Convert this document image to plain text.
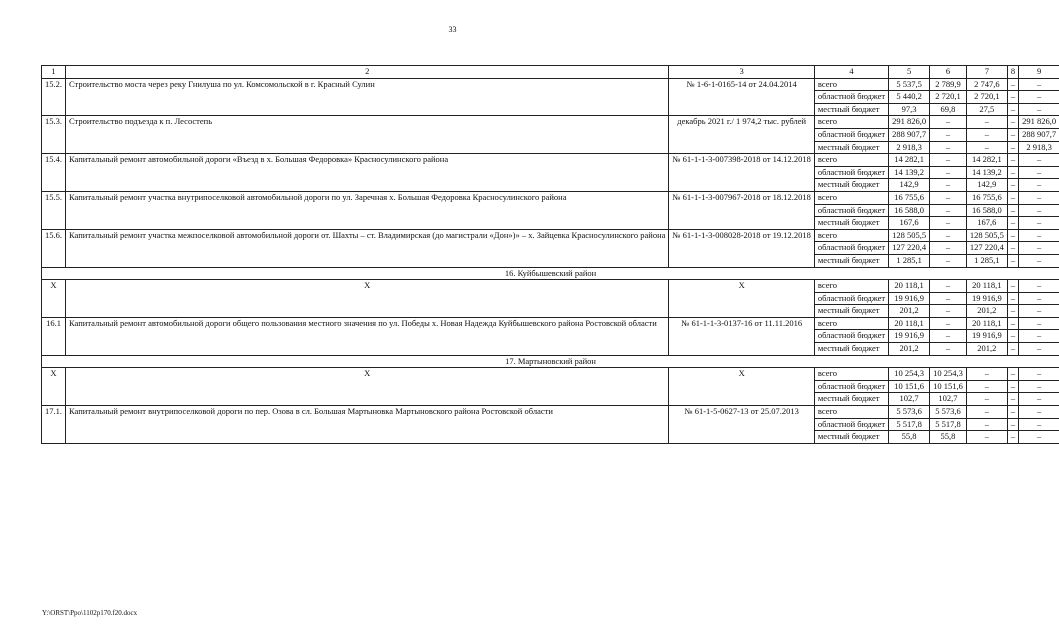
33
1	2	3	4	5	6	7	8	9
15.2.	Строительство моста через реку Гнилуша по ул. Комсомольской в г. Красный Сулин	№ 1-6-1-0165-14 от 24.04.2014	всего	5 537,5	2 789,9	2 747,6	–	–
			областной бюджет	5 440,2	2 720,1	2 720,1	–	–
			местный бюджет	97,3	69,8	27,5	–	–
15.3.	Строительство подъезда к п. Лесостепь	декабрь 2021 г./ 1 974,2 тыс. рублей	всего	291 826,0	–	–	–	291 826,0
			областной бюджет	288 907,7	–	–	–	288 907,7
			местный бюджет	2 918,3	–	–	–	2 918,3
15.4.	Капитальный ремонт автомобильной дороги «Въезд в х. Большая Федоровка» Красносулинского района	№ 61-1-1-3-007398-2018 от 14.12.2018	всего	14 282,1	–	14 282,1	–	–
			областной бюджет	14 139,2	–	14 139,2	–	–
			местный бюджет	142,9	–	142,9	–	–
15.5.	Капитальный ремонт участка внутрипоселковой автомобильной дороги по ул. Заречная х. Большая Федоровка Красносулинского района	№ 61-1-1-3-007967-2018 от 18.12.2018	всего	16 755,6	–	16 755,6	–	–
			областной бюджет	16 588,0	–	16 588,0	–	–
			местный бюджет	167,6	–	167,6	–	–
15.6.	Капитальный ремонт участка межпоселковой автомобильной дороги от. Шахты – ст. Владимирская (до магистрали «Дон»)» – х. Зайцевка Красносулинского района	№ 61-1-1-3-008028-2018 от 19.12.2018	всего	128 505,5	–	128 505,5	–	–
			областной бюджет	127 220,4	–	127 220,4	–	–
			местный бюджет	1 285,1	–	1 285,1	–	–
16. Куйбышевский район								
Х	Х	Х	всего	20 118,1	–	20 118,1	–	–
			областной бюджет	19 916,9	–	19 916,9	–	–
			местный бюджет	201,2	–	201,2	–	–
16.1	Капитальный ремонт автомобильной дороги общего пользования местного значения по ул. Победы х. Новая Надежда Куйбышевского района Ростовской области	№ 61-1-1-3-0137-16 от 11.11.2016	всего	20 118,1	–	20 118,1	–	–
			областной бюджет	19 916,9	–	19 916,9	–	–
			местный бюджет	201,2	–	201,2	–	–
17. Мартыновский район								
Х	Х	Х	всего	10 254,3	10 254,3	–	–	–
			областной бюджет	10 151,6	10 151,6	–	–	–
			местный бюджет	102,7	102,7	–	–	–
17.1.	Капитальный ремонт внутрипоселковой дороги по пер. Озова в сл. Большая Мартыновка Мартыновского района Ростовской области	№ 61-1-5-0627-13 от 25.07.2013	всего	5 573,6	5 573,6	–	–	–
			областной бюджет	5 517,8	5 517,8	–	–	–
			местный бюджет	55,8	55,8	–	–	–
Y:\ORST\Ppo\1102p170.f20.docx
